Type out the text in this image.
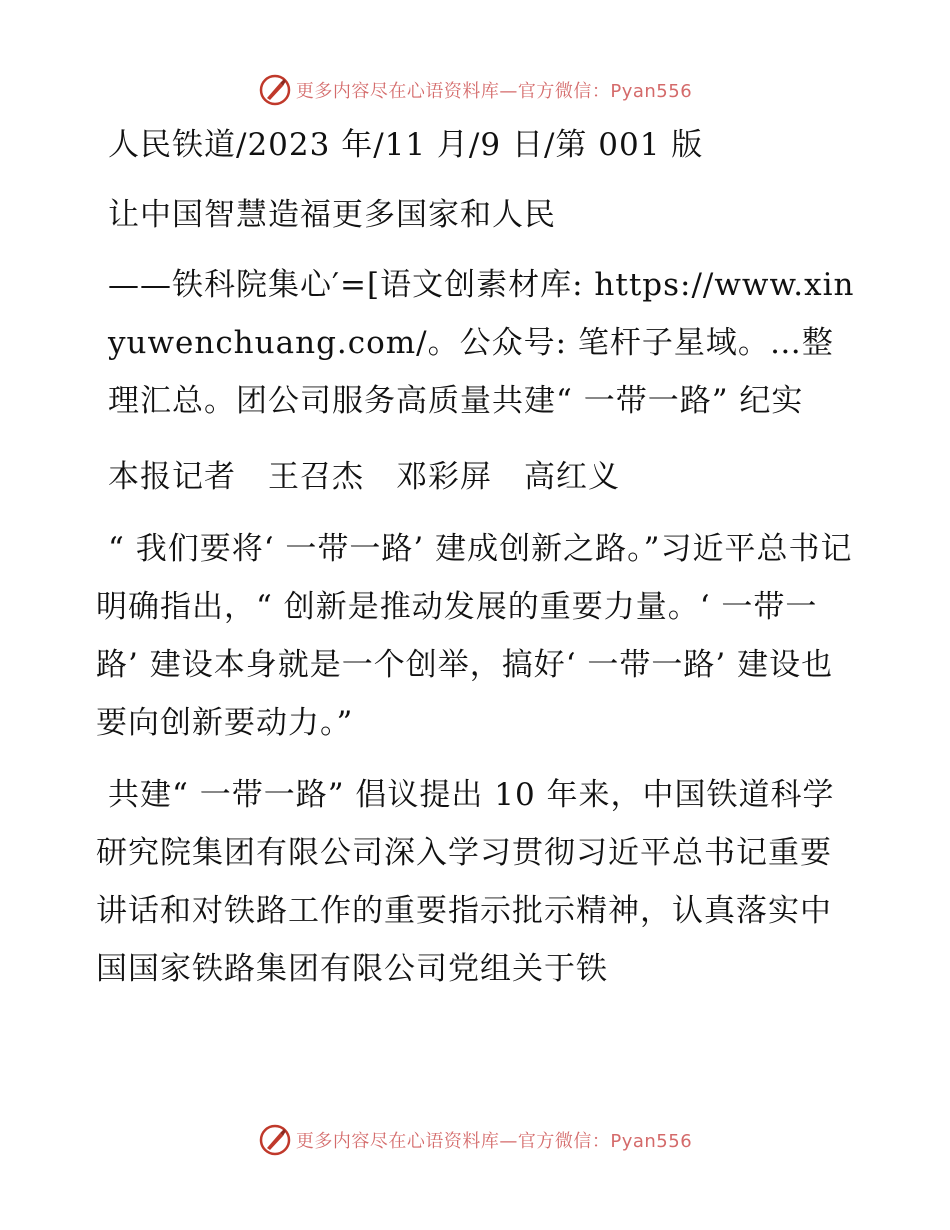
更多内容尽在心语资料库—官方微信：Pyan556

人民铁道/2023 年/11 月/9 日/第 001 版

让中国智慧造福更多国家和人民

——铁科院集心′=[语文创素材库: https://www.xinyuwenchuang.com/。公众号: 笔杆子星域。…整理汇总。团公司服务高质量共建“ 一带一路” 纪实

本报记者　王召杰　邓彩屏　高红义

“ 我们要将‘ 一带一路’ 建成创新之路。”习近平总书记明确指出，“ 创新是推动发展的重要力量。‘ 一带一路’ 建设本身就是一个创举，搞好‘ 一带一路’ 建设也要向创新要动力。”

共建“ 一带一路” 倡议提出 10 年来，中国铁道科学研究院集团有限公司深入学习贯彻习近平总书记重要讲话和对铁路工作的重要指示批示精神，认真落实中国国家铁路集团有限公司党组关于铁

更多内容尽在心语资料库—官方微信：Pyan556
